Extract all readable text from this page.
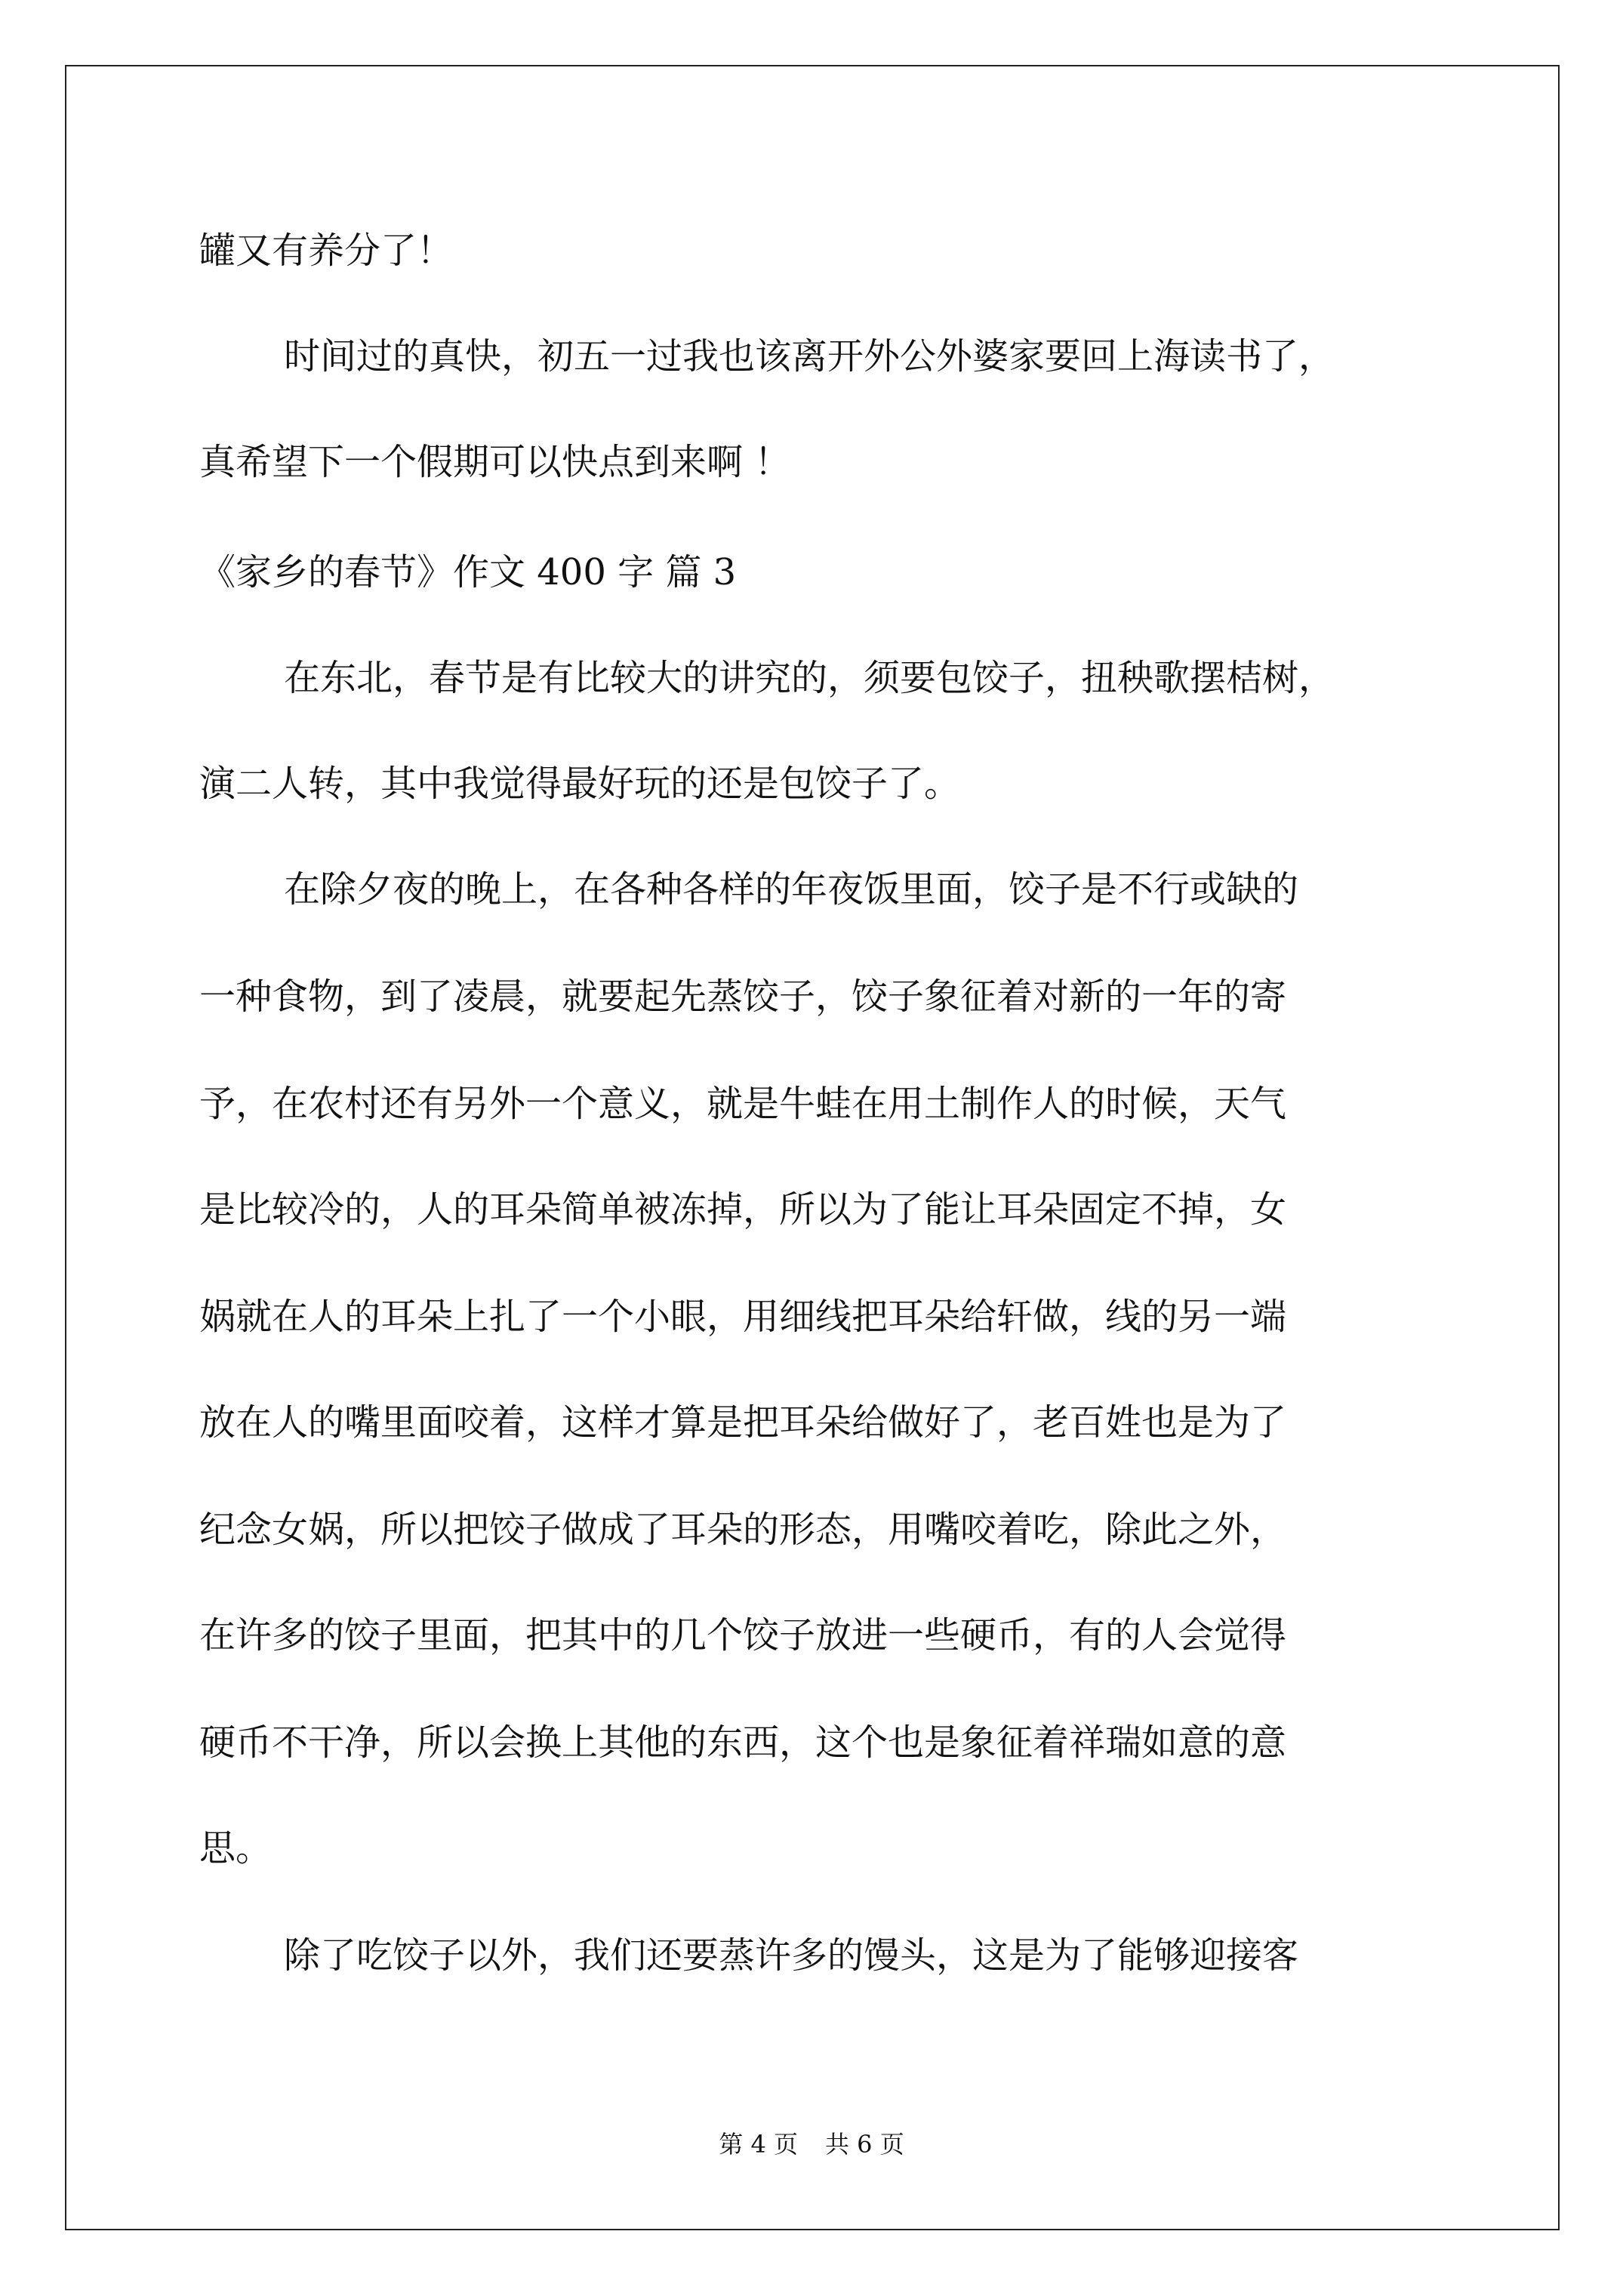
罐又有养分了！

时间过的真快，初五一过我也该离开外公外婆家要回上海读书了，

真希望下一个假期可以快点到来啊 ！

《家乡的春节》作文 400 字 篇 3

在东北，春节是有比较大的讲究的，须要包饺子，扭秧歌摆桔树，

演二人转，其中我觉得最好玩的还是包饺子了。

在除夕夜的晚上，在各种各样的年夜饭里面，饺子是不行或缺的

一种食物，到了凌晨，就要起先蒸饺子，饺子象征着对新的一年的寄

予，在农村还有另外一个意义，就是牛蛙在用土制作人的时候，天气

是比较冷的，人的耳朵简单被冻掉，所以为了能让耳朵固定不掉，女

娲就在人的耳朵上扎了一个小眼，用细线把耳朵给轩做，线的另一端

放在人的嘴里面咬着，这样才算是把耳朵给做好了，老百姓也是为了

纪念女娲，所以把饺子做成了耳朵的形态，用嘴咬着吃，除此之外，

在许多的饺子里面，把其中的几个饺子放进一些硬币，有的人会觉得

硬币不干净，所以会换上其他的东西，这个也是象征着祥瑞如意的意

思。

除了吃饺子以外，我们还要蒸许多的馒头，这是为了能够迎接客

第 4 页 共 6 页
